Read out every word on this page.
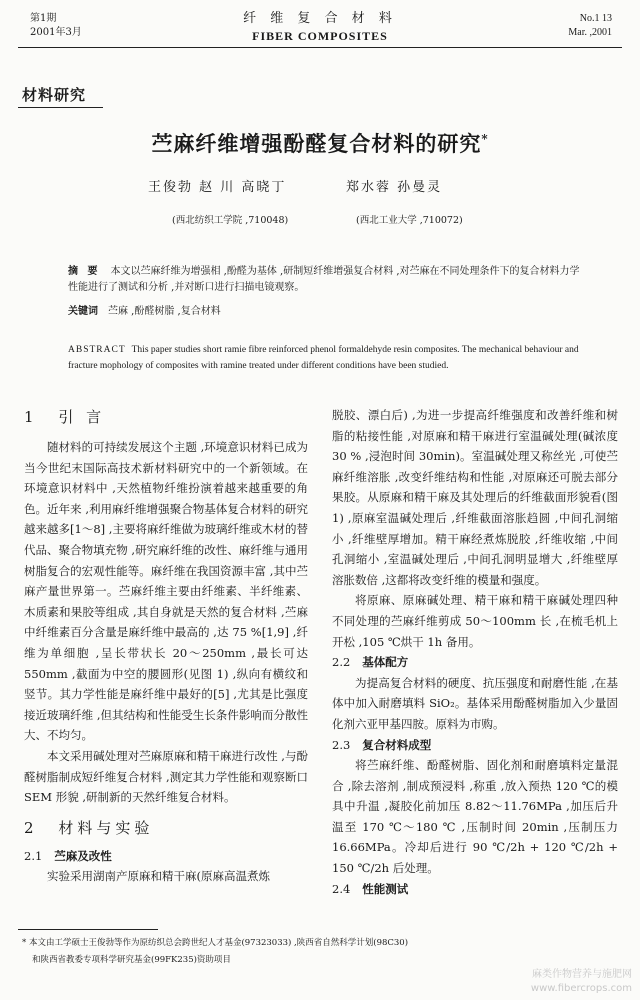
第1期
2001年3月
纤 维 复 合 材 料
FIBER COMPOSITES
No.1 13
Mar. ,2001
材料研究
苎麻纤维增强酚醛复合材料的研究*
王俊勃 赵 川 高晓丁	郑水蓉 孙曼灵
(西北纺织工学院 ,710048)	(西北工业大学 ,710072)
摘 要 本文以苎麻纤维为增强相 ,酚醛为基体 ,研制短纤维增强复合材料 ,对苎麻在不同处理条件下的复合材料力学性能进行了测试和分析 ,并对断口进行扫描电镜观察。
关键词 苎麻 ,酚醛树脂 ,复合材料
ABSTRACT This paper studies short ramie fibre reinforced phenol formaldehyde resin composites. The mechanical behaviour and fracture mophology of composites with ramine treated under different conditions have been studied.
1 引 言

随材料的可持续发展这个主题 ,环境意识材料已成为当今世纪末国际高技术新材料研究中的一个新领域。在环境意识材料中 ,天然植物纤维扮演着越来越重要的角色。近年来 ,利用麻纤维增强聚合物基体复合材料的研究越来越多[1～8] ,主要将麻纤维做为玻璃纤维或木材的替代品、聚合物填充物 ,研究麻纤维的改性、麻纤维与通用树脂复合的宏观性能等。麻纤维在我国资源丰富 ,其中苎麻产量世界第一。苎麻纤维主要由纤维素、半纤维素、木质素和果胶等组成 ,其自身就是天然的复合材料 ,苎麻中纤维素百分含量是麻纤维中最高的 ,达 75 %[1,9] ,纤维为单细胞 ,呈长带状长 20～250mm ,最长可达 550mm ,截面为中空的腰圆形(见图 1) ,纵向有横纹和竖节。其力学性能是麻纤维中最好的[5] ,尤其是比强度接近玻璃纤维 ,但其结构和性能受生长条件影响而分散性大、不均匀。

本文采用碱处理对苎麻原麻和精干麻进行改性 ,与酚醛树脂制成短纤维复合材料 ,测定其力学性能和观察断口 SEM 形貌 ,研制新的天然纤维复合材料。

2 材料与实验
2.1 苎麻及改性

实验采用湖南产原麻和精干麻(原麻高温煮炼

脱胶、漂白后) ,为进一步提高纤维强度和改善纤维和树脂的粘接性能 ,对原麻和精干麻进行室温碱处理(碱浓度 30 % ,浸泡时间 30min)。室温碱处理又称丝光 ,可使苎麻纤维溶胀 ,改变纤维结构和性能 ,对原麻还可脱去部分果胶。从原麻和精干麻及其处理后的纤维截面形貌看(图 1) ,原麻室温碱处理后 ,纤维截面溶胀趋圆 ,中间孔洞缩小 ,纤维壁厚增加。精干麻经煮炼脱胶 ,纤维收缩 ,中间孔洞缩小 ,室温碱处理后 ,中间孔洞明显增大 ,纤维壁厚溶胀数倍 ,这都将改变纤维的模量和强度。

将原麻、原麻碱处理、精干麻和精干麻碱处理四种不同处理的苎麻纤维剪成 50～100mm 长 ,在梳毛机上开松 ,105 ℃烘干 1h 备用。

2.2 基体配方

为提高复合材料的硬度、抗压强度和耐磨性能 ,在基体中加入耐磨填料 SiO₂。基体采用酚醛树脂加入少量固化剂六亚甲基四胺。原料为市购。

2.3 复合材料成型

将苎麻纤维、酚醛树脂、固化剂和耐磨填料定量混合 ,除去溶剂 ,制成预浸料 ,称重 ,放入预热 120 ℃的模具中升温 ,凝胶化前加压 8.82～11.76MPa ,加压后升温至 170 ℃～180 ℃ ,压制时间 20min ,压制压力 16.66MPa。冷却后进行 90 ℃/2h + 120 ℃/2h + 150 ℃/2h 后处理。

2.4 性能测试
* 本文由工学硕士王俊勃等作为原纺织总会跨世纪人才基金(97323033) ,陕西省自然科学计划(98C30)
和陕西省教委专项科学研究基金(99FK235)资助项目
麻类作物营养与施肥网
www.fibercrops.com
